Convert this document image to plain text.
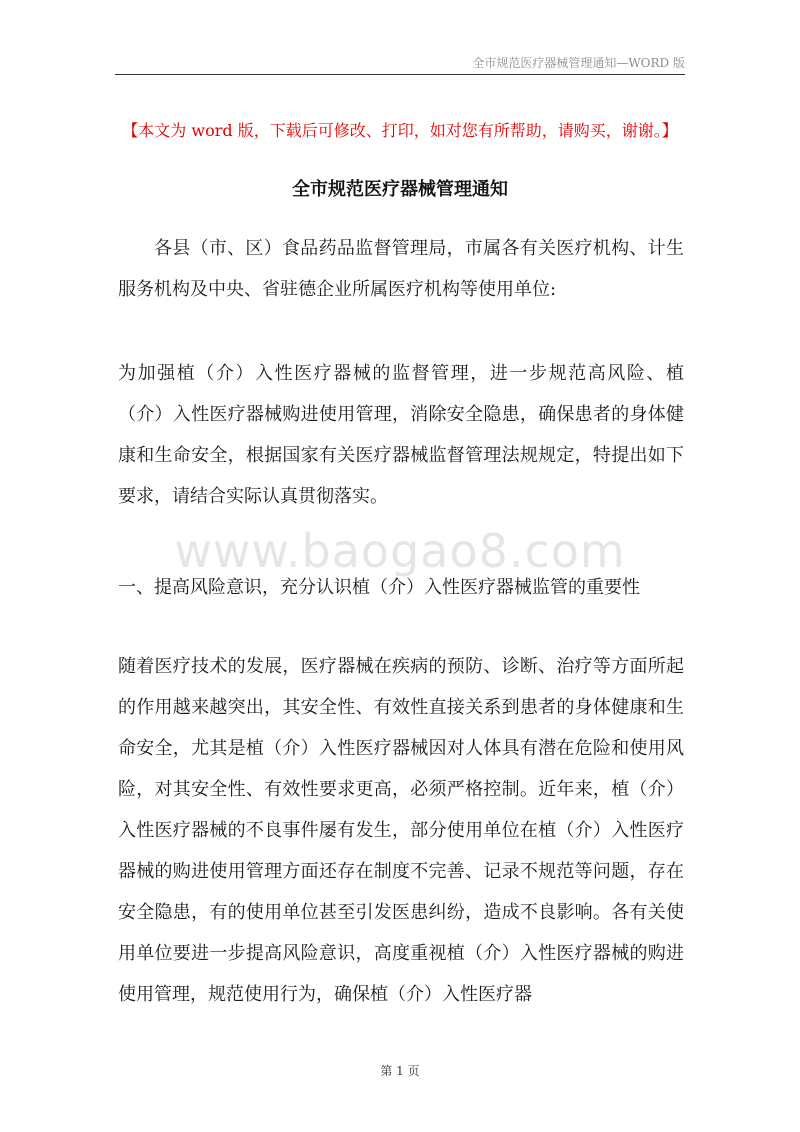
全市规范医疗器械管理通知—WORD 版
【本文为 word 版，下载后可修改、打印，如对您有所帮助，请购买，谢谢。】
全市规范医疗器械管理通知
各县（市、区）食品药品监督管理局，市属各有关医疗机构、计生服务机构及中央、省驻德企业所属医疗机构等使用单位:
为加强植（介）入性医疗器械的监督管理，进一步规范高风险、植（介）入性医疗器械购进使用管理，消除安全隐患，确保患者的身体健康和生命安全，根据国家有关医疗器械监督管理法规规定，特提出如下要求，请结合实际认真贯彻落实。
www.baogao8.com
一、提高风险意识，充分认识植（介）入性医疗器械监管的重要性
随着医疗技术的发展，医疗器械在疾病的预防、诊断、治疗等方面所起的作用越来越突出，其安全性、有效性直接关系到患者的身体健康和生命安全，尤其是植（介）入性医疗器械因对人体具有潜在危险和使用风险，对其安全性、有效性要求更高，必须严格控制。近年来，植（介）入性医疗器械的不良事件屡有发生，部分使用单位在植（介）入性医疗器械的购进使用管理方面还存在制度不完善、记录不规范等问题，存在安全隐患，有的使用单位甚至引发医患纠纷，造成不良影响。各有关使用单位要进一步提高风险意识，高度重视植（介）入性医疗器械的购进使用管理，规范使用行为，确保植（介）入性医疗器
第 1 页
